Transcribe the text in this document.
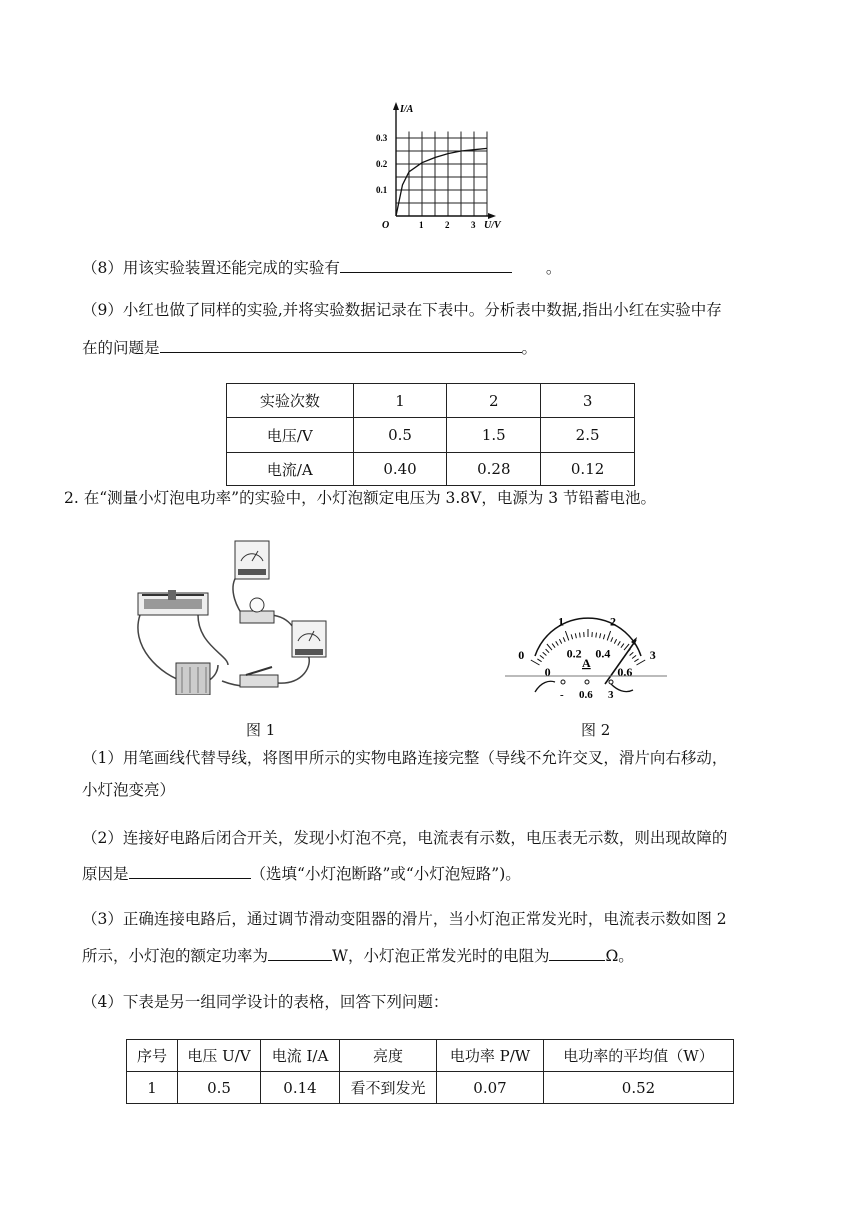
I/A
U/V
O
0.1
0.2
0.3
1 2 3
（8）用该实验装置还能完成的实验有	。
（9）小红也做了同样的实验,并将实验数据记录在下表中。分析表中数据,指出小红在实验中存
在的问题是	。
实验次数	1	2	3
电压/V	0.5	1.5	2.5
电流/A	0.40	0.28	0.12
2. 在“测量小灯泡电功率”的实验中，小灯泡额定电压为 3.8V，电源为 3 节铅蓄电池。
0
1	2
3
0
0.2 0.4
0.6
A
- 0.6 3
图 1	图 2
（1）用笔画线代替导线，将图甲所示的实物电路连接完整（导线不允许交叉，滑片向右移动，
小灯泡变亮）
（2）连接好电路后闭合开关，发现小灯泡不亮，电流表有示数，电压表无示数，则出现故障的
原因是	（选填“小灯泡断路”或“小灯泡短路”)。
（3）正确连接电路后，通过调节滑动变阻器的滑片，当小灯泡正常发光时，电流表示数如图 2
所示，小灯泡的额定功率为	W，小灯泡正常发光时的电阻为	Ω。
（4）下表是另一组同学设计的表格，回答下列问题：
序号	电压 U/V	电流 I/A	亮度	电功率 P/W	电功率的平均值（W）
1	0.5	0.14	看不到发光	0.07	0.52
